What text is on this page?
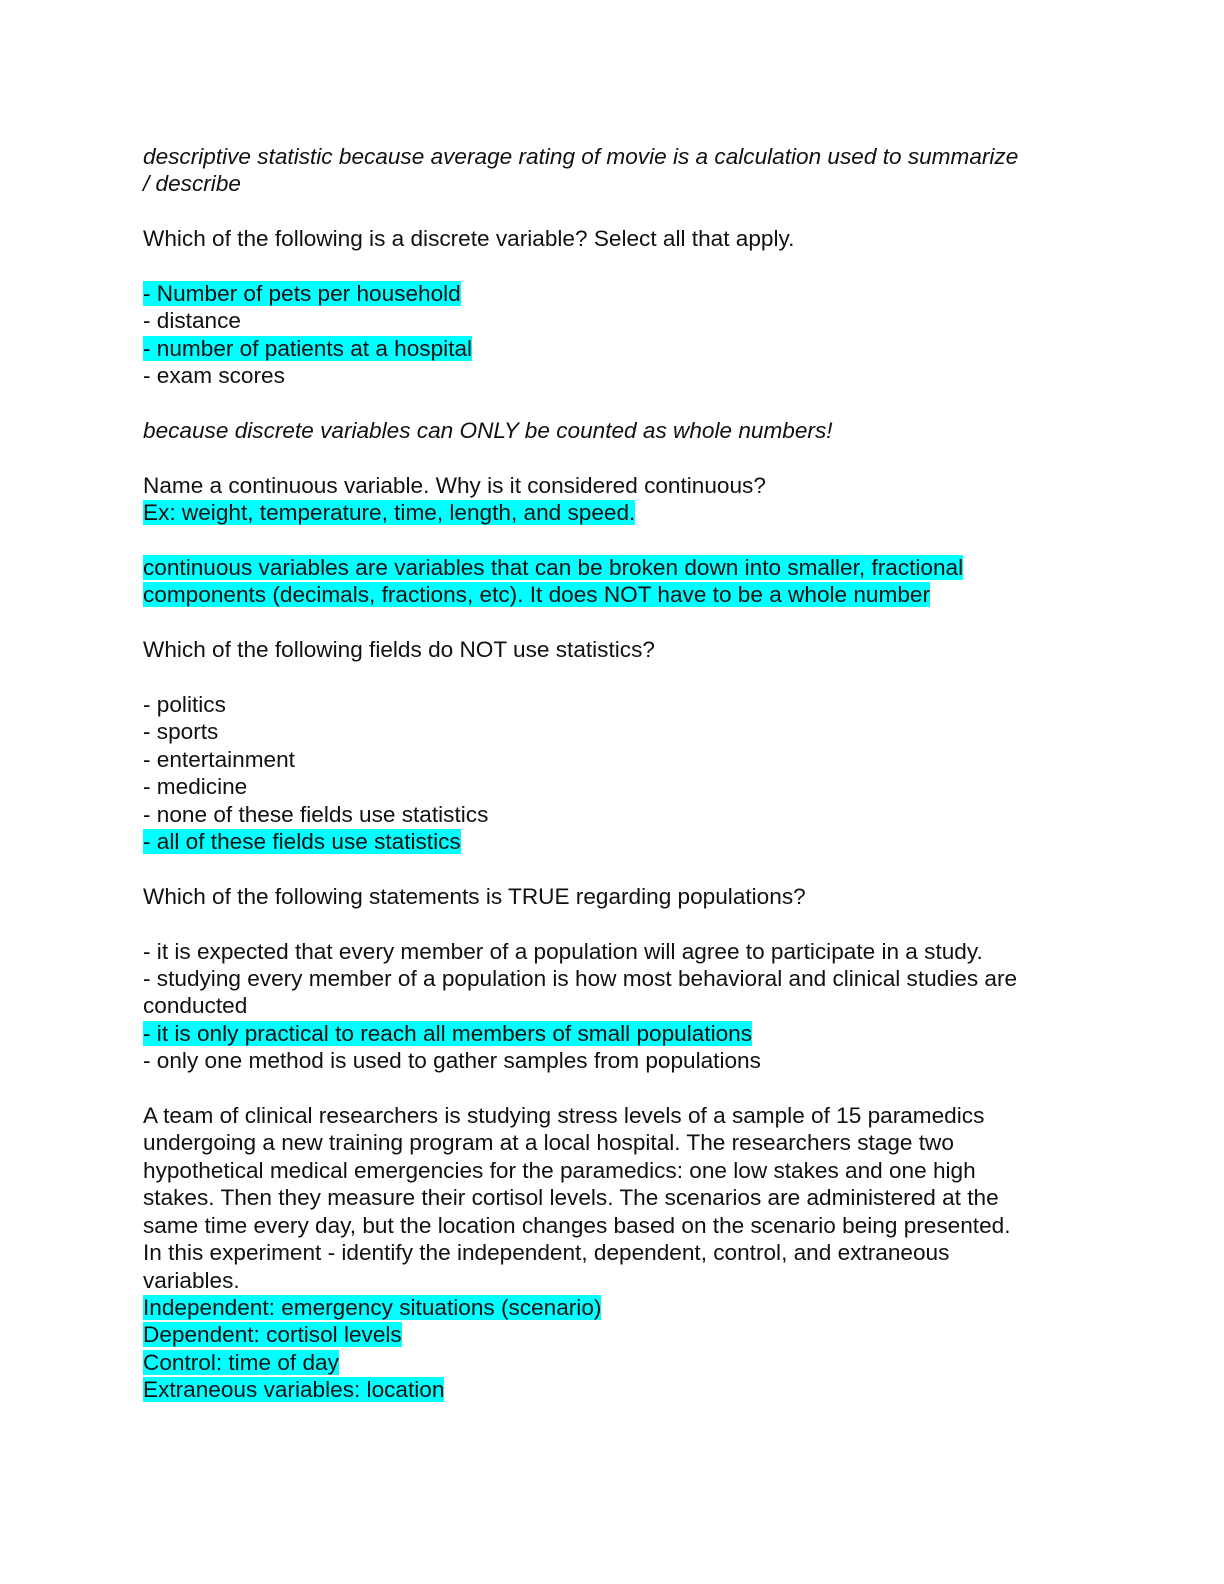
descriptive statistic because average rating of movie is a calculation used to summarize
/ describe
Which of the following is a discrete variable? Select all that apply.
- Number of pets per household
- distance
- number of patients at a hospital
- exam scores
because discrete variables can ONLY be counted as whole numbers!
Name a continuous variable. Why is it considered continuous?
Ex: weight, temperature, time, length, and speed.
continuous variables are variables that can be broken down into smaller, fractional
components (decimals, fractions, etc). It does NOT have to be a whole number
Which of the following fields do NOT use statistics?
- politics
- sports
- entertainment
- medicine
- none of these fields use statistics
- all of these fields use statistics
Which of the following statements is TRUE regarding populations?
- it is expected that every member of a population will agree to participate in a study.
- studying every member of a population is how most behavioral and clinical studies are
conducted
- it is only practical to reach all members of small populations
- only one method is used to gather samples from populations
A team of clinical researchers is studying stress levels of a sample of 15 paramedics
undergoing a new training program at a local hospital. The researchers stage two
hypothetical medical emergencies for the paramedics: one low stakes and one high
stakes. Then they measure their cortisol levels. The scenarios are administered at the
same time every day, but the location changes based on the scenario being presented.
In this experiment - identify the independent, dependent, control, and extraneous
variables.
Independent: emergency situations (scenario)
Dependent: cortisol levels
Control: time of day
Extraneous variables: location
